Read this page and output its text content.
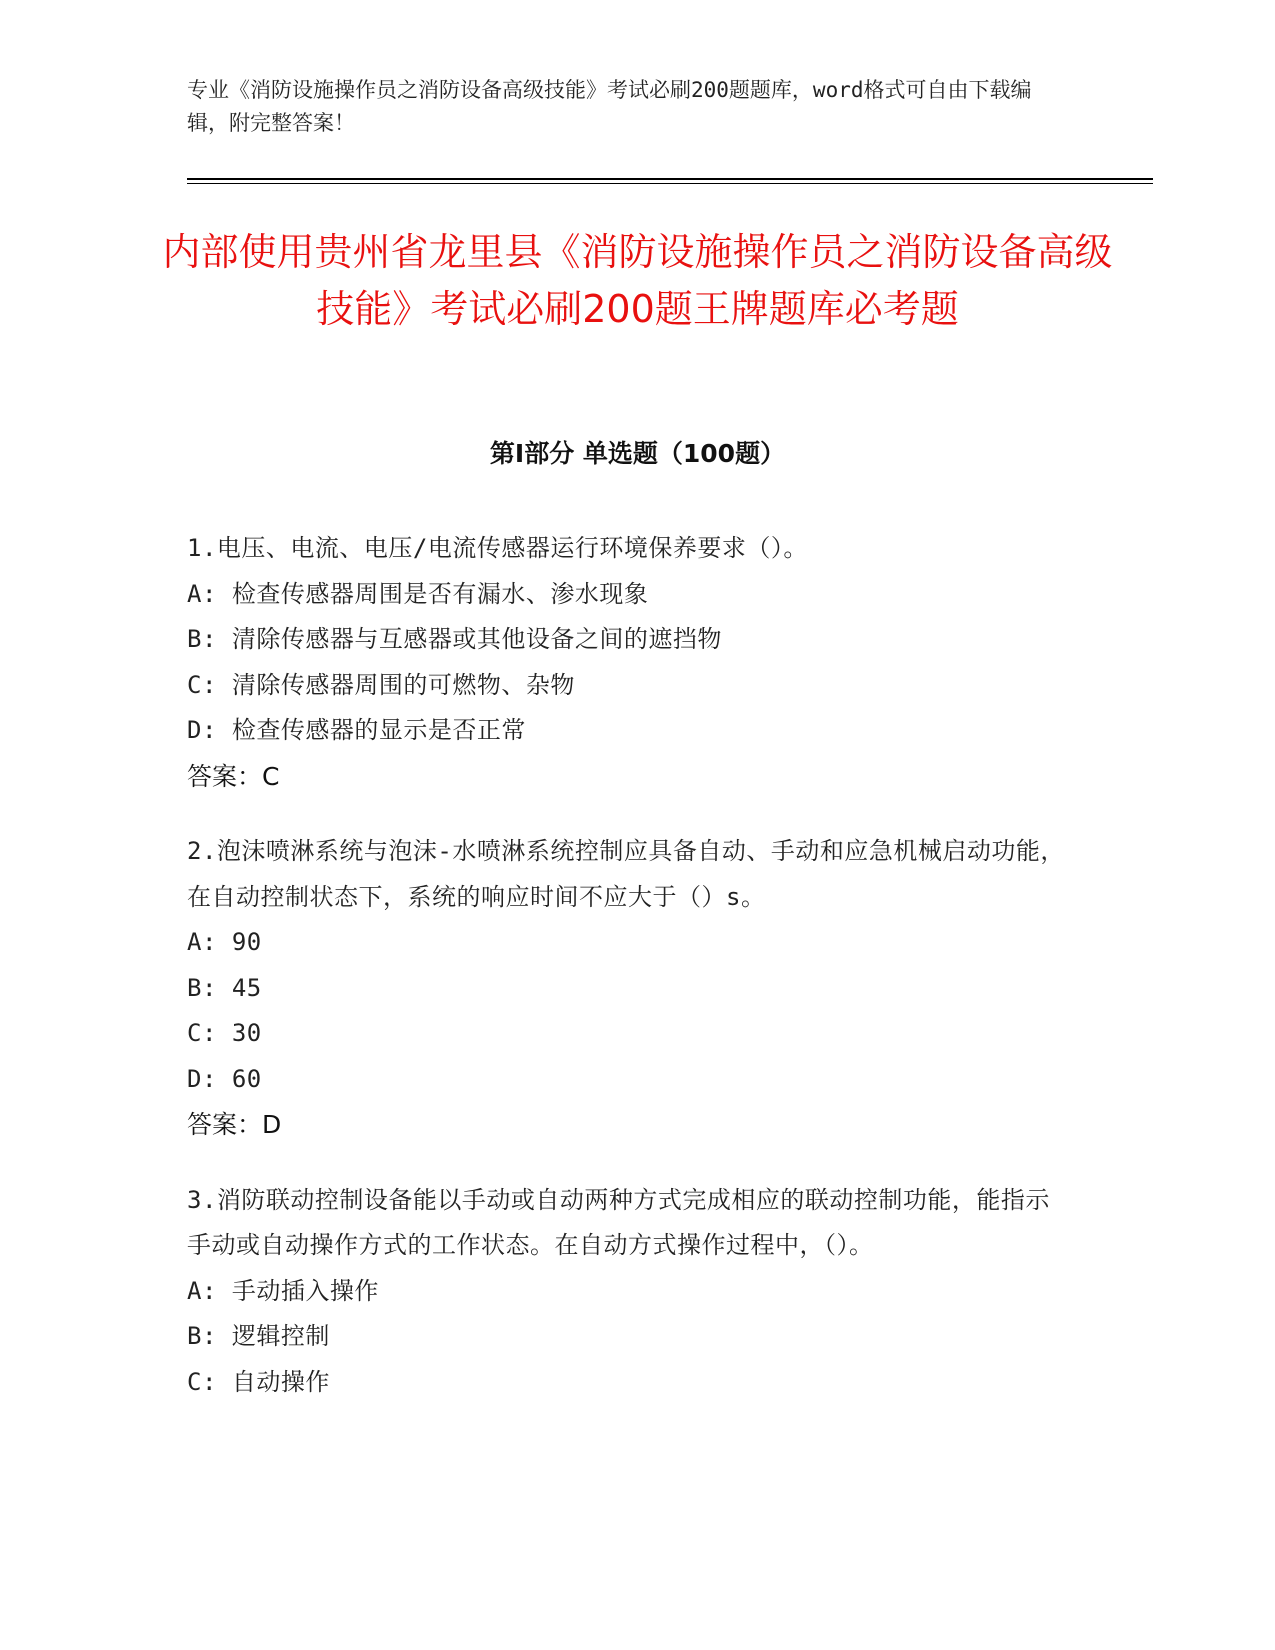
专业《消防设施操作员之消防设备高级技能》考试必刷200题题库，word格式可自由下载编辑，附完整答案！
内部使用贵州省龙里县《消防设施操作员之消防设备高级技能》考试必刷200题王牌题库必考题
第Ⅰ部分 单选题（100题）
1.电压、电流、电压/电流传感器运行环境保养要求（）。
A: 检查传感器周围是否有漏水、渗水现象
B: 清除传感器与互感器或其他设备之间的遮挡物
C: 清除传感器周围的可燃物、杂物
D: 检查传感器的显示是否正常
答案：C
2.泡沫喷淋系统与泡沫-水喷淋系统控制应具备自动、手动和应急机械启动功能，在自动控制状态下，系统的响应时间不应大于（）s。
A: 90
B: 45
C: 30
D: 60
答案：D
3.消防联动控制设备能以手动或自动两种方式完成相应的联动控制功能，能指示手动或自动操作方式的工作状态。在自动方式操作过程中，（）。
A: 手动插入操作
B: 逻辑控制
C: 自动操作
